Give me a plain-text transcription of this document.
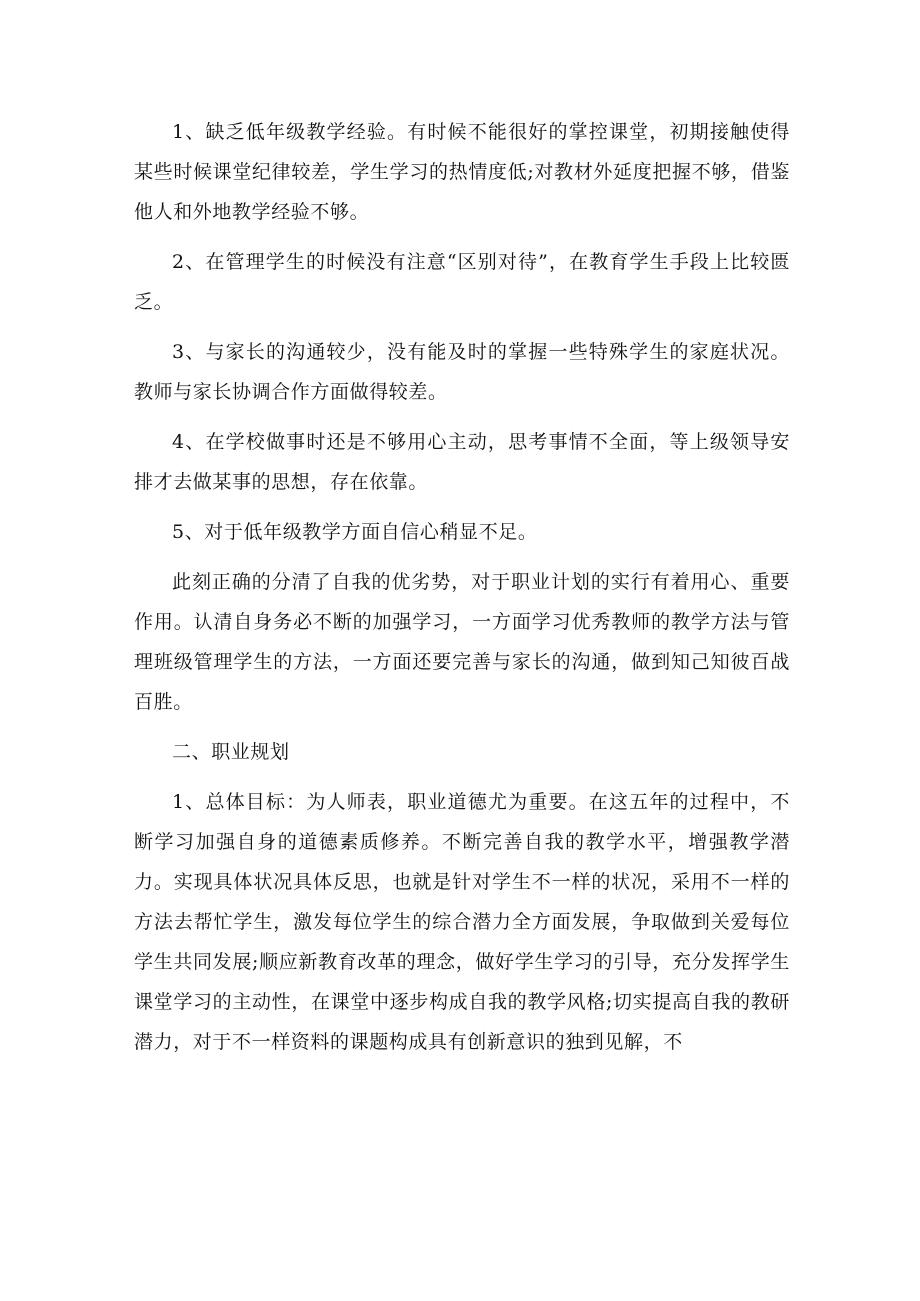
1、缺乏低年级教学经验。有时候不能很好的掌控课堂，初期接触使得某些时候课堂纪律较差，学生学习的热情度低;对教材外延度把握不够，借鉴他人和外地教学经验不够。

2、在管理学生的时候没有注意“区别对待”，在教育学生手段上比较匮乏。

3、与家长的沟通较少，没有能及时的掌握一些特殊学生的家庭状况。教师与家长协调合作方面做得较差。

4、在学校做事时还是不够用心主动，思考事情不全面，等上级领导安排才去做某事的思想，存在依靠。

5、对于低年级教学方面自信心稍显不足。

此刻正确的分清了自我的优劣势，对于职业计划的实行有着用心、重要作用。认清自身务必不断的加强学习，一方面学习优秀教师的教学方法与管理班级管理学生的方法，一方面还要完善与家长的沟通，做到知己知彼百战百胜。

二、职业规划

1、总体目标：为人师表，职业道德尤为重要。在这五年的过程中，不断学习加强自身的道德素质修养。不断完善自我的教学水平，增强教学潜力。实现具体状况具体反思，也就是针对学生不一样的状况，采用不一样的方法去帮忙学生，激发每位学生的综合潜力全方面发展，争取做到关爱每位学生共同发展;顺应新教育改革的理念，做好学生学习的引导，充分发挥学生课堂学习的主动性，在课堂中逐步构成自我的教学风格;切实提高自我的教研潜力，对于不一样资料的课题构成具有创新意识的独到见解，不
